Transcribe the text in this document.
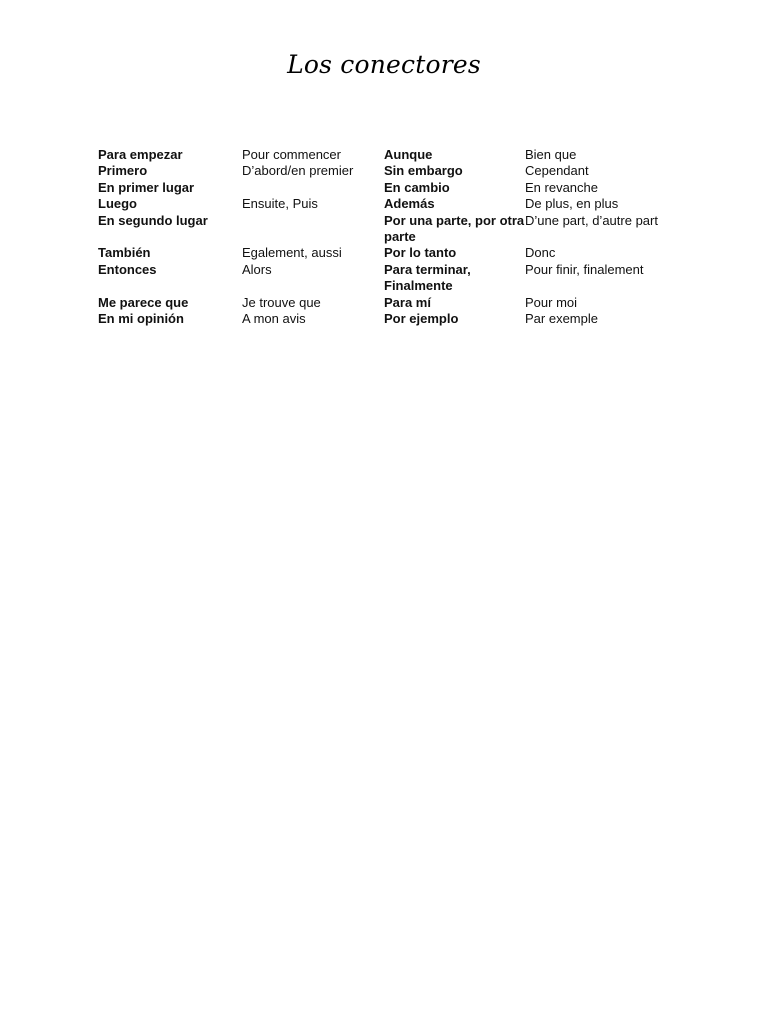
Los conectores
Para empezar	Pour commencer	Aunque	Bien que
Primero	D’abord/en premier	Sin embargo	Cependant
En primer lugar		En cambio	En revanche
Luego	Ensuite, Puis	Además	De plus, en plus
En segundo lugar		Por una parte, por otra parte	D’une part, d’autre part
También	Egalement, aussi	Por lo tanto	Donc
Entonces	Alors	Para terminar, Finalmente	Pour finir, finalement
Me parece que	Je trouve que	Para mí	Pour moi
En mi opinión	A mon avis	Por ejemplo	Par exemple
